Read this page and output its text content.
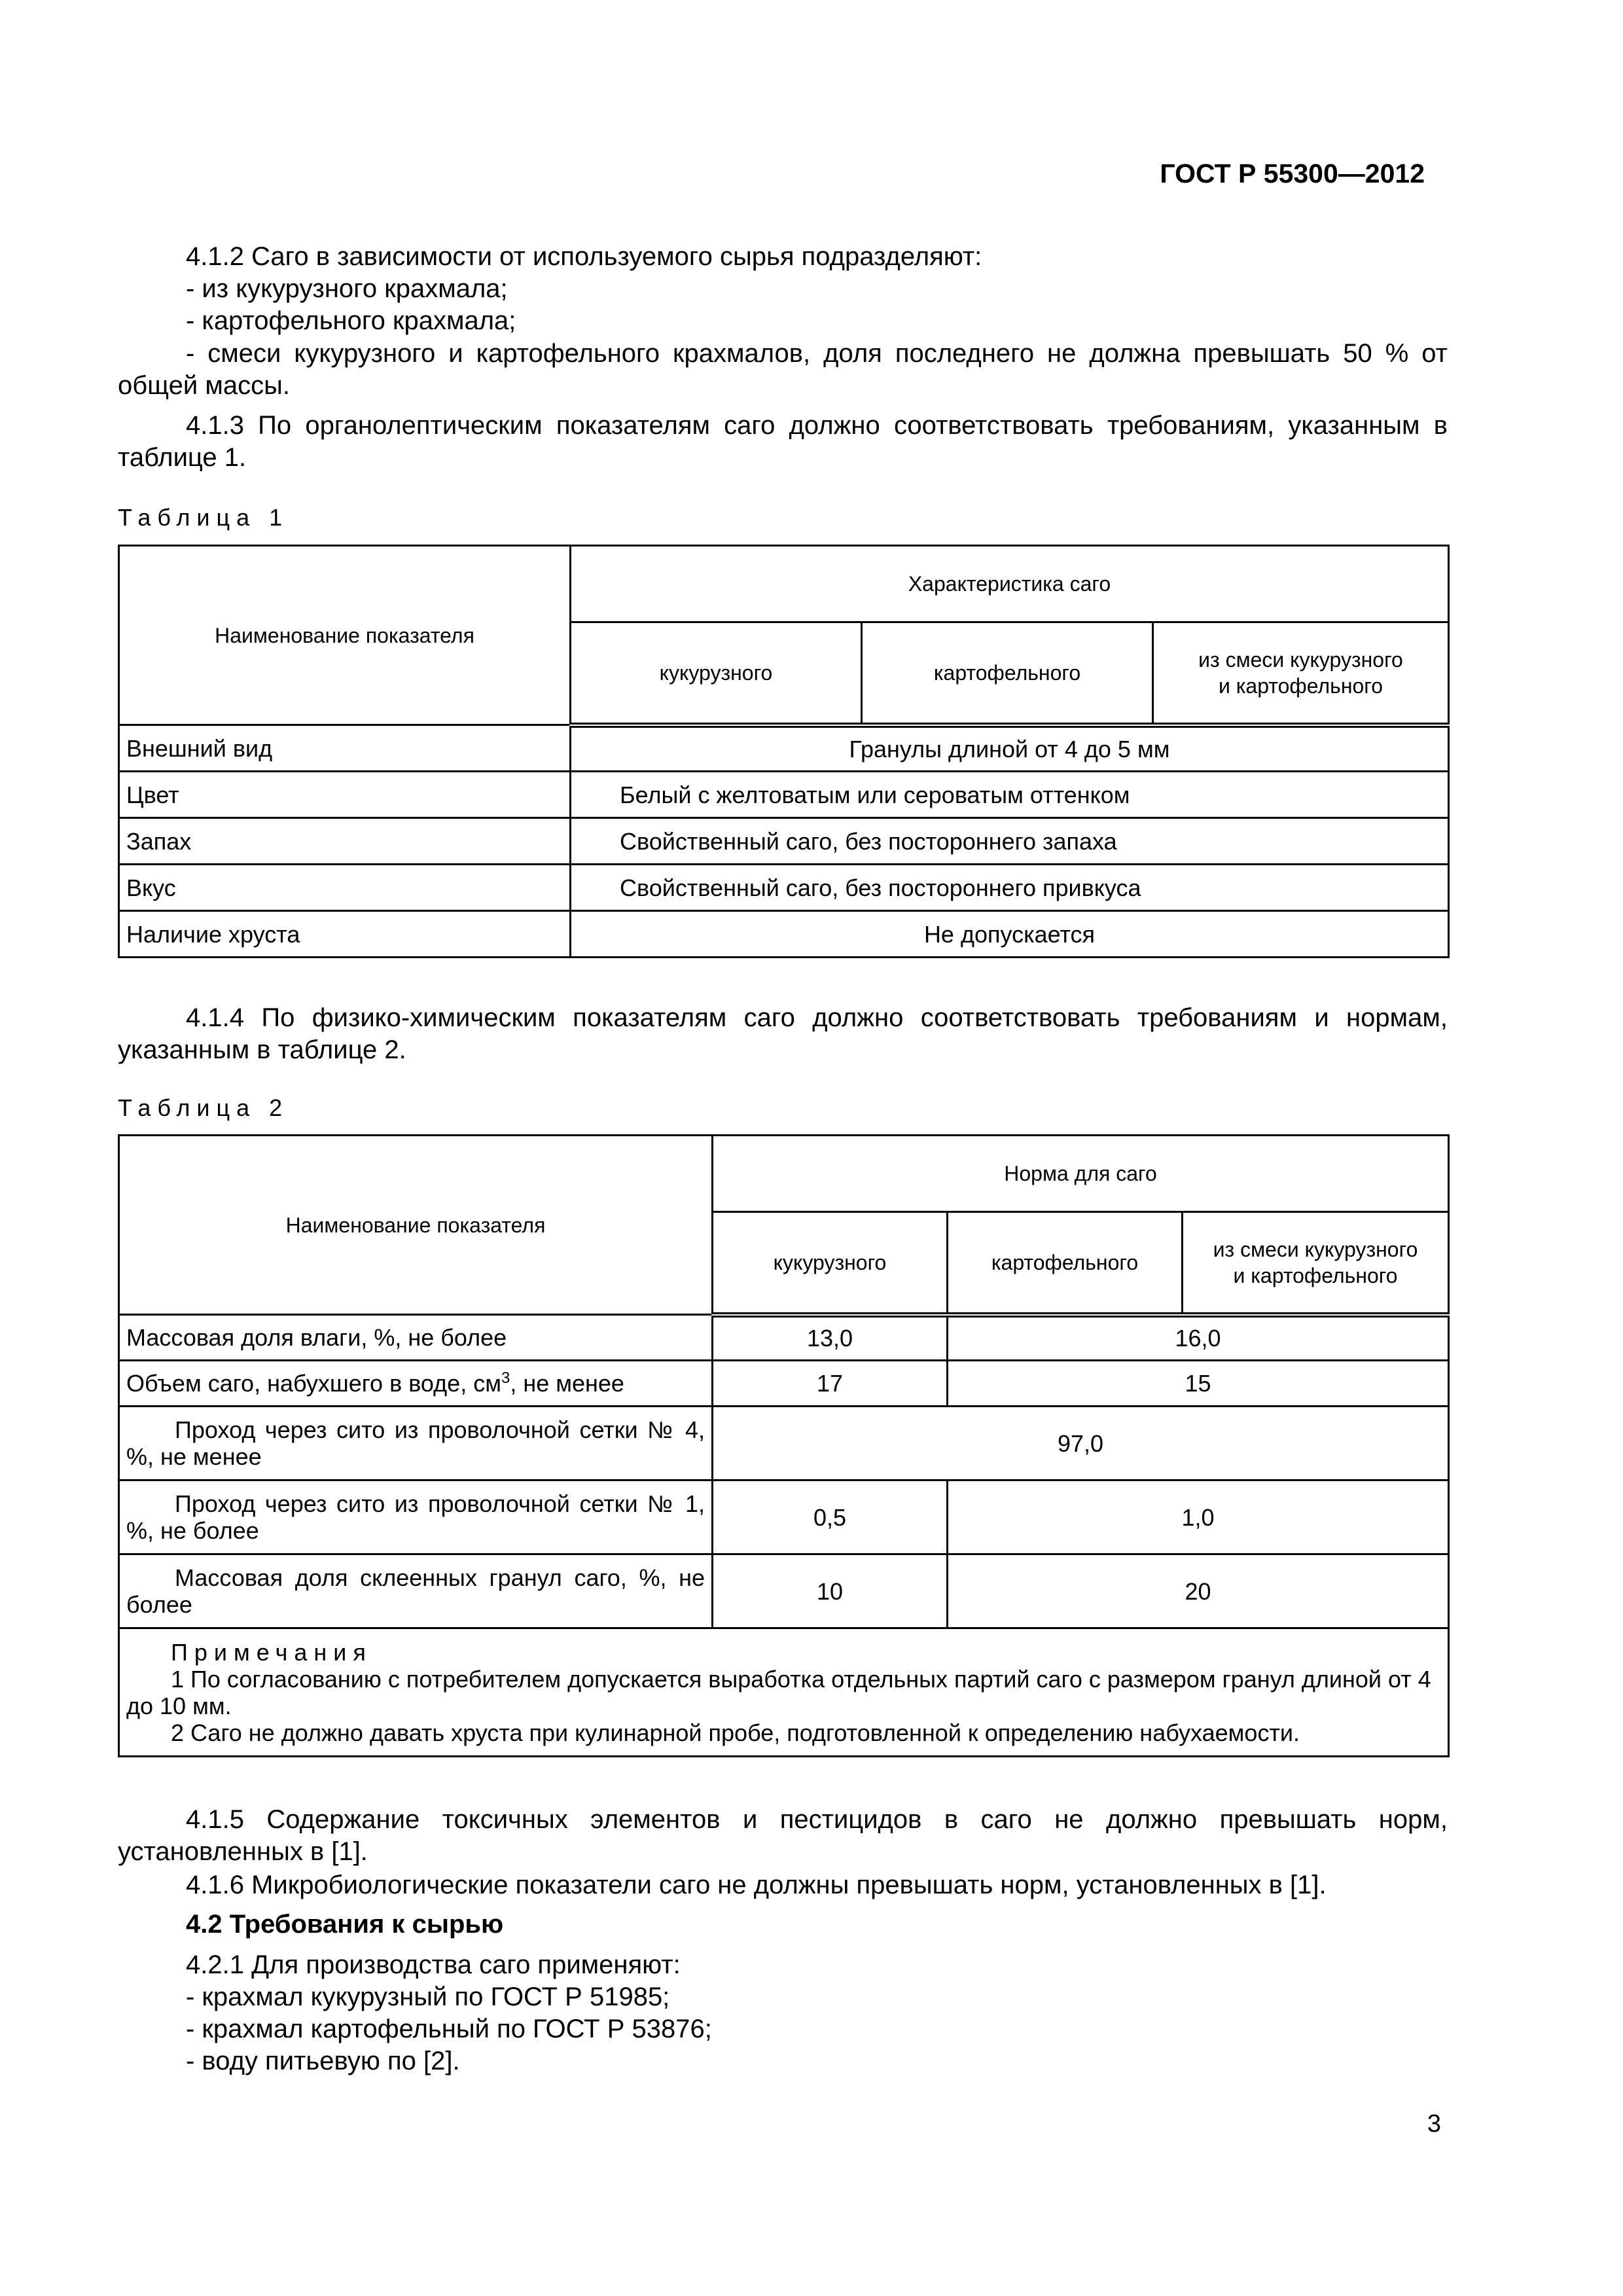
ГОСТ Р 55300—2012

4.1.2 Саго в зависимости от используемого сырья подразделяют:

- из кукурузного крахмала;

- картофельного крахмала;

- смеси кукурузного и картофельного крахмалов, доля последнего не должна превышать 50 % от общей массы.

4.1.3 По органолептическим показателям саго должно соответствовать требованиям, указанным в таблице 1.

Таблица 1
Наименование показателя	Характеристика саго		
	кукурузного	картофельного	из смеси кукурузного
и картофельного
Внешний вид	Гранулы длиной от 4 до 5 мм		
Цвет	Белый с желтоватым или сероватым оттенком		
Запах	Свойственный саго, без постороннего запаха		
Вкус	Свойственный саго, без постороннего привкуса		
Наличие хруста	Не допускается		

4.1.4 По физико-химическим показателям саго должно соответствовать требованиям и нормам, указанным в таблице 2.

Таблица 2
Наименование показателя	Норма для саго		
	кукурузного	картофельного	из смеси кукурузного
и картофельного
Массовая доля влаги, %, не более	13,0	16,0	
Объем саго, набухшего в воде, $см^3$, не менее	17	15	
Проход через сито из проволочной сетки № 4, %, не менее	97,0		
Проход через сито из проволочной сетки № 1, %, не более	0,5	1,0	
Массовая доля склеенных гранул саго, %, не более	10	20	

Примечания
1 По согласованию с потребителем допускается выработка отдельных партий саго с размером гранул длиной от 4 до 10 мм.
2 Саго не должно давать хруста при кулинарной пробе, подготовленной к определению набухаемости.			

4.1.5 Содержание токсичных элементов и пестицидов в саго не должно превышать норм, установленных в [1].

4.1.6 Микробиологические показатели саго не должны превышать норм, установленных в [1].

4.2 Требования к сырью

4.2.1 Для производства саго применяют:

- крахмал кукурузный по ГОСТ Р 51985;

- крахмал картофельный по ГОСТ Р 53876;

- воду питьевую по [2].

3
